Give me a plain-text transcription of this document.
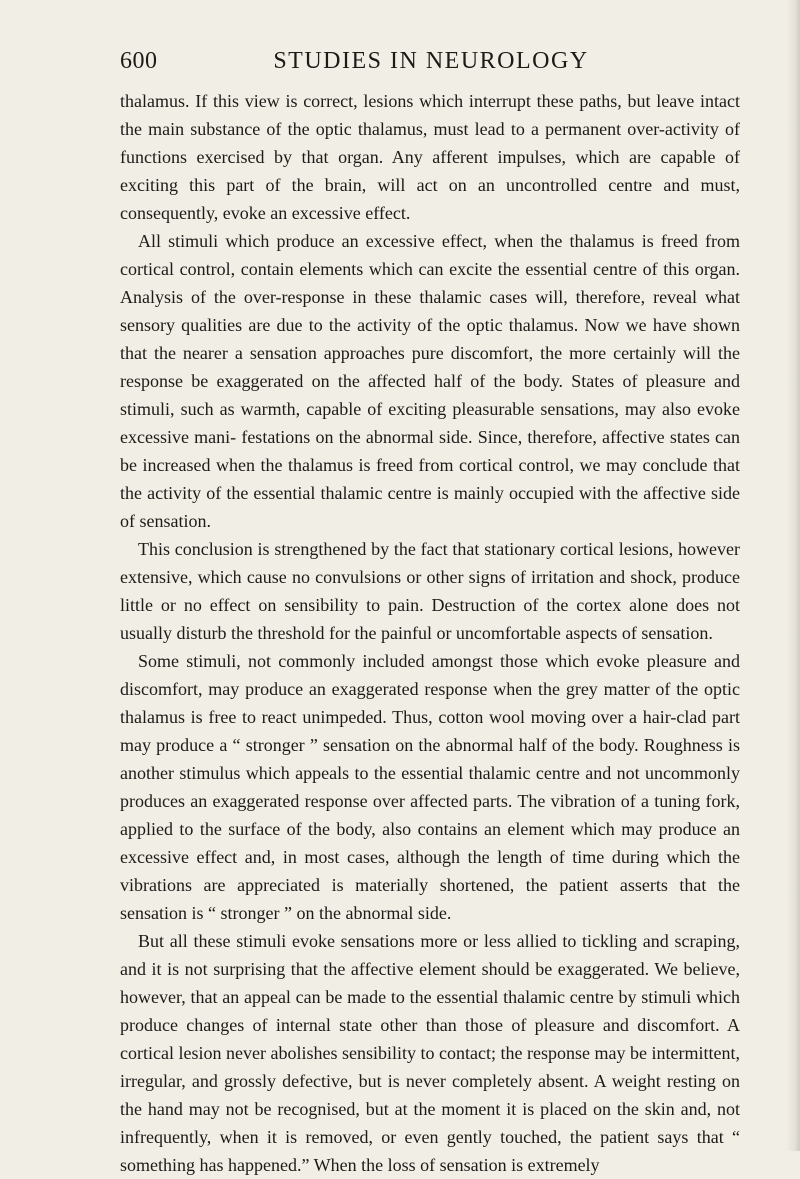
600	STUDIES IN NEUROLOGY

thalamus. If this view is correct, lesions which interrupt these paths, but leave intact the main substance of the optic thalamus, must lead to a permanent over-activity of functions exercised by that organ. Any afferent impulses, which are capable of exciting this part of the brain, will act on an uncontrolled centre and must, consequently, evoke an excessive effect.

All stimuli which produce an excessive effect, when the thalamus is freed from cortical control, contain elements which can excite the essential centre of this organ. Analysis of the over-response in these thalamic cases will, therefore, reveal what sensory qualities are due to the activity of the optic thalamus. Now we have shown that the nearer a sensation approaches pure discomfort, the more certainly will the response be exaggerated on the affected half of the body. States of pleasure and stimuli, such as warmth, capable of exciting pleasurable sensations, may also evoke excessive mani- festations on the abnormal side. Since, therefore, affective states can be increased when the thalamus is freed from cortical control, we may conclude that the activity of the essential thalamic centre is mainly occupied with the affective side of sensation.

This conclusion is strengthened by the fact that stationary cortical lesions, however extensive, which cause no convulsions or other signs of irritation and shock, produce little or no effect on sensibility to pain. Destruction of the cortex alone does not usually disturb the threshold for the painful or uncomfortable aspects of sensation.

Some stimuli, not commonly included amongst those which evoke pleasure and discomfort, may produce an exaggerated response when the grey matter of the optic thalamus is free to react unimpeded. Thus, cotton wool moving over a hair-clad part may produce a “ stronger ” sensation on the abnormal half of the body. Roughness is another stimulus which appeals to the essential thalamic centre and not uncommonly produces an exaggerated response over affected parts. The vibration of a tuning fork, applied to the surface of the body, also contains an element which may produce an excessive effect and, in most cases, although the length of time during which the vibrations are appreciated is materially shortened, the patient asserts that the sensation is “ stronger ” on the abnormal side.

But all these stimuli evoke sensations more or less allied to tickling and scraping, and it is not surprising that the affective element should be exaggerated. We believe, however, that an appeal can be made to the essential thalamic centre by stimuli which produce changes of internal state other than those of pleasure and discomfort. A cortical lesion never abolishes sensibility to contact; the response may be intermittent, irregular, and grossly defective, but is never completely absent. A weight resting on the hand may not be recognised, but at the moment it is placed on the skin and, not infrequently, when it is removed, or even gently touched, the patient says that “ something has happened.” When the loss of sensation is extremely
